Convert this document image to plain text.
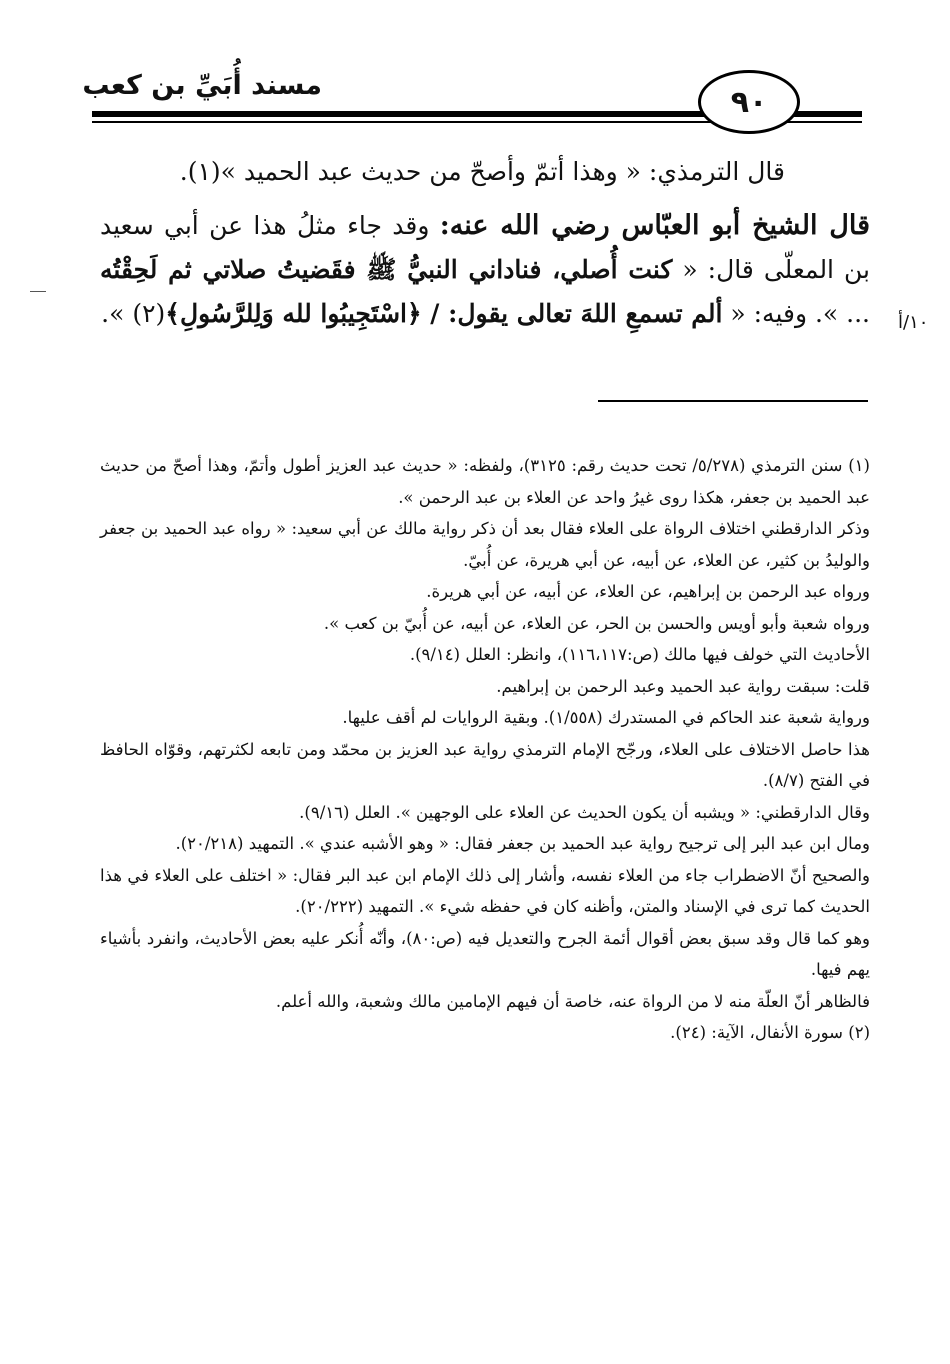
مسند أُبَيِّ بن كعب	٩٠
١٠/أ

قال الترمذي: « وهذا أتمّ وأصحّ من حديث عبد الحميد »(١).

قال الشيخ أبو العبّاس رضي الله عنه: وقد جاء مثلُ هذا عن أبي سعيد بن المعلّى قال: « كنت أُصلي، فناداني النبيُّ ﷺ فقَضيتُ صلاتي ثم لَحِقْتُه ... ». وفيه: « ألم تسمعِ اللهَ تعالى يقول: / ﴿اسْتَجِيبُوا لله وَلِلرَّسُولِ﴾(٢) ».

(١) سنن الترمذي (٥/٢٧٨/ تحت حديث رقم: ٣١٢٥)، ولفظه: « حديث عبد العزيز أطول وأتمّ، وهذا أصحّ من حديث عبد الحميد بن جعفر، هكذا روى غيرُ واحد عن العلاء بن عبد الرحمن ».

وذكر الدارقطني اختلاف الرواة على العلاء فقال بعد أن ذكر رواية مالك عن أبي سعيد: « رواه عبد الحميد بن جعفر والوليدُ بن كثير، عن العلاء، عن أبيه، عن أبي هريرة، عن أُبيّ.

ورواه عبد الرحمن بن إبراهيم، عن العلاء، عن أبيه، عن أبي هريرة.

ورواه شعبة وأبو أويس والحسن بن الحر، عن العلاء، عن أبيه، عن أُبيّ بن كعب ».

الأحاديث التي خولف فيها مالك (ص:١١٦،١١٧)، وانظر: العلل (٩/١٤).

قلت: سبقت رواية عبد الحميد وعبد الرحمن بن إبراهيم.

ورواية شعبة عند الحاكم في المستدرك (١/٥٥٨). وبقية الروايات لم أقف عليها.

هذا حاصل الاختلاف على العلاء، ورجّح الإمام الترمذي رواية عبد العزيز بن محمّد ومن تابعه لكثرتهم، وقوّاه الحافظ في الفتح (٨/٧).

وقال الدارقطني: « ويشبه أن يكون الحديث عن العلاء على الوجهين ». العلل (٩/١٦).

ومال ابن عبد البر إلى ترجيح رواية عبد الحميد بن جعفر فقال: « وهو الأشبه عندي ». التمهيد (٢٠/٢١٨).

والصحيح أنّ الاضطراب جاء من العلاء نفسه، وأشار إلى ذلك الإمام ابن عبد البر فقال: « اختلف على العلاء في هذا الحديث كما ترى في الإسناد والمتن، وأظنه كان في حفظه شيء ». التمهيد (٢٠/٢٢٢).

وهو كما قال وقد سبق بعض أقوال أئمة الجرح والتعديل فيه (ص:٨٠)، وأنّه أُنكر عليه بعض الأحاديث، وانفرد بأشياء يهم فيها.

فالظاهر أنّ العلّة منه لا من الرواة عنه، خاصة أن فيهم الإمامين مالك وشعبة، والله أعلم.

(٢) سورة الأنفال، الآية: (٢٤).
